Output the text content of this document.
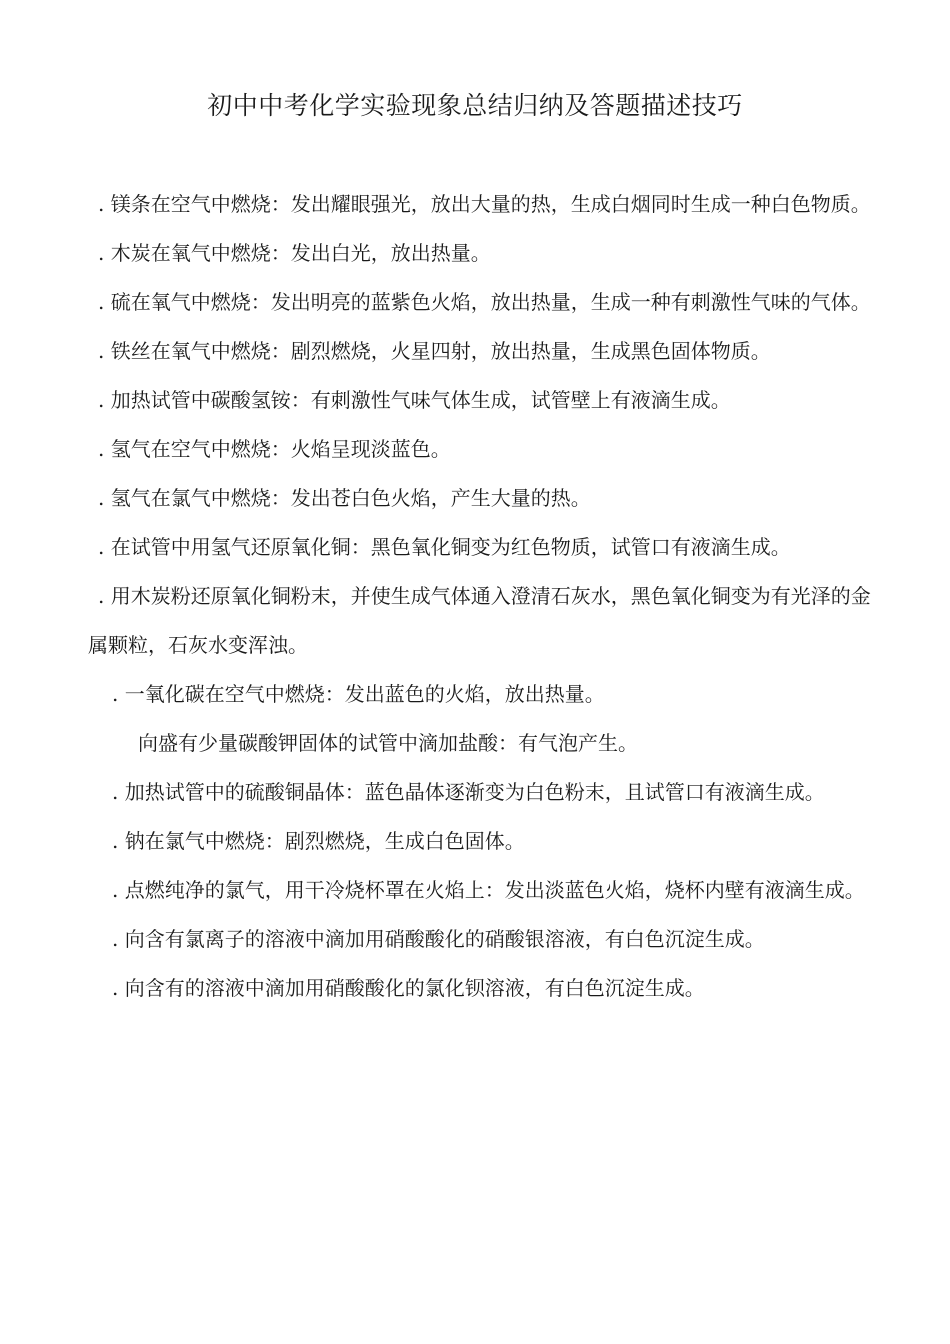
初中中考化学实验现象总结归纳及答题描述技巧

. 镁条在空气中燃烧：发出耀眼强光，放出大量的热，生成白烟同时生成一种白色物质。

. 木炭在氧气中燃烧：发出白光，放出热量。

. 硫在氧气中燃烧：发出明亮的蓝紫色火焰，放出热量，生成一种有刺激性气味的气体。

. 铁丝在氧气中燃烧：剧烈燃烧，火星四射，放出热量，生成黑色固体物质。

. 加热试管中碳酸氢铵：有刺激性气味气体生成，试管壁上有液滴生成。

. 氢气在空气中燃烧：火焰呈现淡蓝色。

. 氢气在氯气中燃烧：发出苍白色火焰，产生大量的热。

. 在试管中用氢气还原氧化铜：黑色氧化铜变为红色物质，试管口有液滴生成。

. 用木炭粉还原氧化铜粉末，并使生成气体通入澄清石灰水，黑色氧化铜变为有光泽的金属颗粒，石灰水变浑浊。

. 一氧化碳在空气中燃烧：发出蓝色的火焰，放出热量。

向盛有少量碳酸钾固体的试管中滴加盐酸：有气泡产生。

. 加热试管中的硫酸铜晶体：蓝色晶体逐渐变为白色粉末，且试管口有液滴生成。

. 钠在氯气中燃烧：剧烈燃烧，生成白色固体。

. 点燃纯净的氯气，用干冷烧杯罩在火焰上：发出淡蓝色火焰，烧杯内壁有液滴生成。

. 向含有氯离子的溶液中滴加用硝酸酸化的硝酸银溶液，有白色沉淀生成。

. 向含有的溶液中滴加用硝酸酸化的氯化钡溶液，有白色沉淀生成。
